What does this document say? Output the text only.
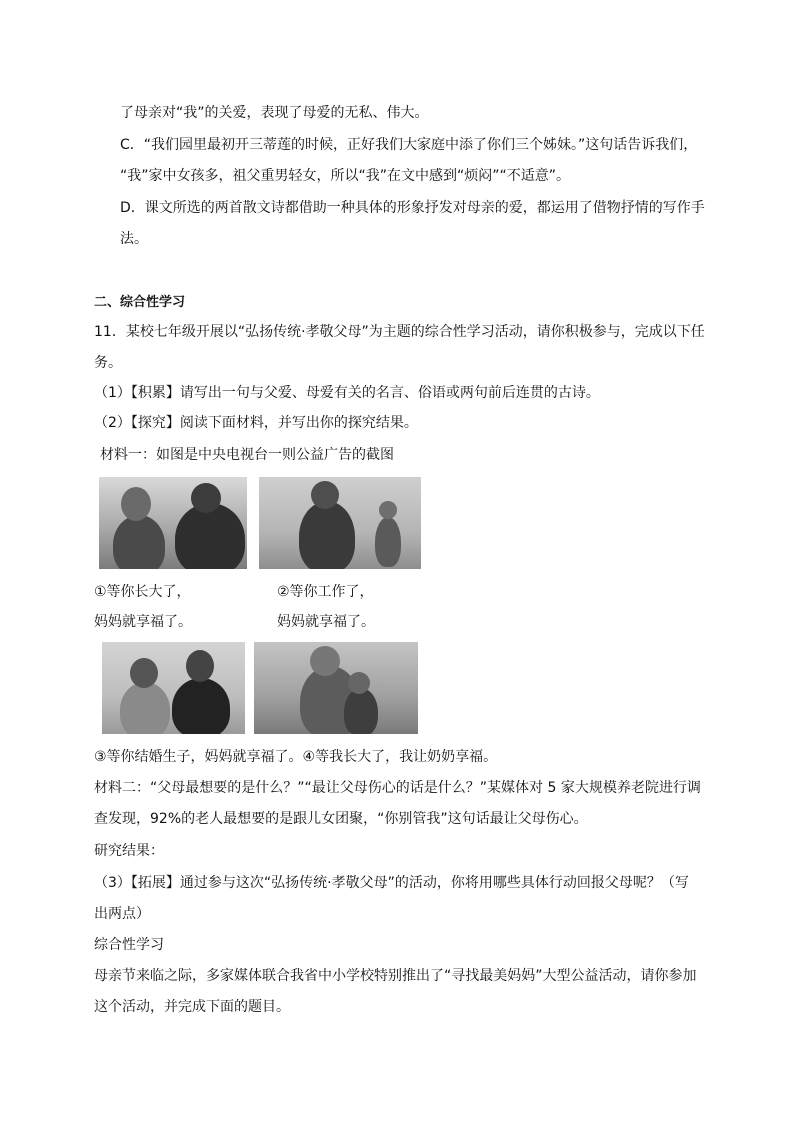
了母亲对“我”的关爱，表现了母爱的无私、伟大。
C．“我们园里最初开三蒂莲的时候，正好我们大家庭中添了你们三个姊妹。”这句话告诉我们，
“我”家中女孩多，祖父重男轻女，所以“我”在文中感到“烦闷”“不适意”。
D．课文所选的两首散文诗都借助一种具体的形象抒发对母亲的爱，都运用了借物抒情的写作手
法。
二、综合性学习
11．某校七年级开展以“弘扬传统·孝敬父母”为主题的综合性学习活动，请你积极参与，完成以下任
务。
（1）【积累】请写出一句与父爱、母爱有关的名言、俗语或两句前后连贯的古诗。
（2）【探究】阅读下面材料，并写出你的探究结果。
材料一：如图是中央电视台一则公益广告的截图
①等你长大了，	②等你工作了，
妈妈就享福了。	妈妈就享福了。
③等你结婚生子，妈妈就享福了。④等我长大了，我让奶奶享福。
材料二：“父母最想要的是什么？”“最让父母伤心的话是什么？”某媒体对 5 家大规模养老院进行调
查发现，92%的老人最想要的是跟儿女团聚，“你别管我”这句话最让父母伤心。
研究结果：
（3）【拓展】通过参与这次“弘扬传统·孝敬父母”的活动，你将用哪些具体行动回报父母呢？（写
出两点）
综合性学习
母亲节来临之际，多家媒体联合我省中小学校特别推出了“寻找最美妈妈”大型公益活动，请你参加
这个活动，并完成下面的题目。
